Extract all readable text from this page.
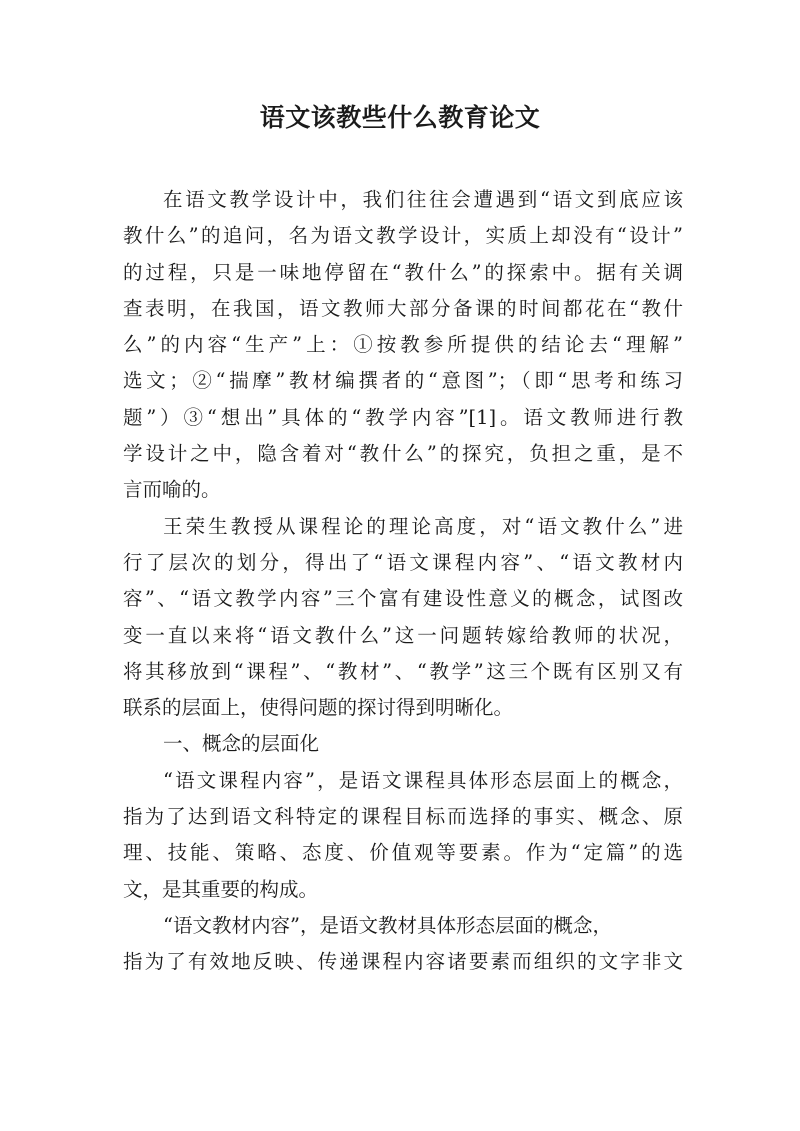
语文该教些什么教育论文
在语文教学设计中，我们往往会遭遇到“语文到底应该
教什么”的追问，名为语文教学设计，实质上却没有“设计”
的过程，只是一味地停留在“教什么”的探索中。据有关调
查表明，在我国，语文教师大部分备课的时间都花在“教什
么”的内容“生产”上：①按教参所提供的结论去“理解”
选文；②“揣摩”教材编撰者的“意图”；（即“思考和练习
题”）③“想出”具体的“教学内容”[1]。语文教师进行教
学设计之中，隐含着对“教什么”的探究，负担之重，是不
言而喻的。
王荣生教授从课程论的理论高度，对“语文教什么”进
行了层次的划分，得出了“语文课程内容”、“语文教材内
容”、“语文教学内容”三个富有建设性意义的概念，试图改
变一直以来将“语文教什么”这一问题转嫁给教师的状况，
将其移放到“课程”、“教材”、“教学”这三个既有区别又有
联系的层面上，使得问题的探讨得到明晰化。
一、概念的层面化
“语文课程内容”，是语文课程具体形态层面上的概念，
指为了达到语文科特定的课程目标而选择的事实、概念、原
理、技能、策略、态度、价值观等要素。作为“定篇”的选
文，是其重要的构成。
“语文教材内容”，是语文教材具体形态层面的概念，
指为了有效地反映、传递课程内容诸要素而组织的文字非文
